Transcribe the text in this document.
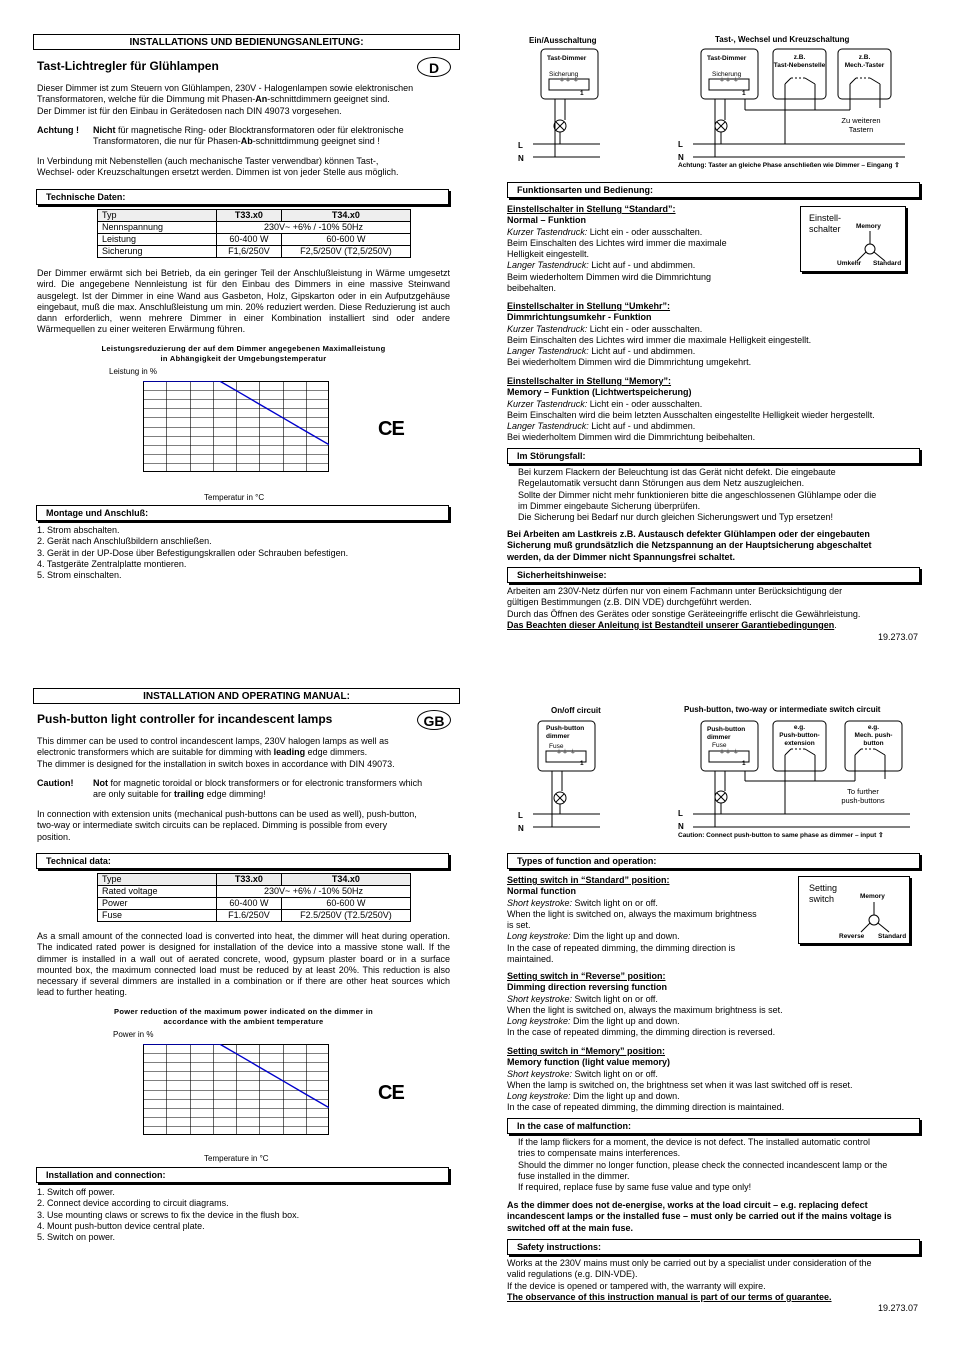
INSTALLATIONS UND BEDIENUNGSANLEITUNG:
Tast-Lichtregler für Glühlampen	D

Dieser Dimmer ist zum Steuern von Glühlampen, 230V - Halogenlampen sowie elektronischen

Transformatoren, welche für die Dimmung mit Phasen-An-schnittdimmern geeignet sind.

Der Dimmer ist für den Einbau in Gerätedosen nach DIN 49073 vorgesehen.

Achtung ! Nicht für magnetische Ring- oder Blocktransformatoren oder für elektronische
Transformatoren, die nur für Phasen-Ab-schnittdimmung geeignet sind !

In Verbindung mit Nebenstellen (auch mechanische Taster verwendbar) können Tast-,

Wechsel- oder Kreuzschaltungen ersetzt werden. Dimmen ist von jeder Stelle aus möglich.

Technische Daten:
Typ	T33.x0	T34.x0
Nennspannung	230V~ +6% / -10% 50Hz	
Leistung	60-400 W	60-600 W
Sicherung	F1,6/250V	F2,5/250V (T2,5/250V)
Der Dimmer erwärmt sich bei Betrieb, da ein geringer Teil der Anschlußleistung in Wärme umgesetzt wird. Die angegebene Nennleistung ist für den Einbau des Dimmers in eine massive Steinwand ausgelegt. Ist der Dimmer in eine Wand aus Gasbeton, Holz, Gipskarton oder in ein Aufputzgehäuse eingebaut, muß die max. Anschlußleistung um min. 20% reduziert werden. Diese Reduzierung ist auch dann erforderlich, wenn mehrere Dimmer in einer Kombination installiert sind oder andere Wärmequellen zu einer weiteren Erwärmung führen.
Leistungsreduzierung der auf dem Dimmer angegebenen Maximalleistung
in Abhängigkeit der Umgebungstemperatur
Leistung in %
Temperatur in °C
CE
Montage und Anschluß:
1. Strom abschalten.
2. Gerät nach Anschlußbildern anschließen.
3. Gerät in der UP-Dose über Befestigungskrallen oder Schrauben befestigen.
4. Tastgeräte Zentralplatte montieren.
5. Strom einschalten.
Ein/Ausschaltung	Tast-, Wechsel und Kreuzschaltung
⏚⏚ ⏚	⏚⏚ ⏚
Tast-Dimmer
Sicherung
1
L
N
Tast-Dimmer
Sicherung
1
z.B.
Tast-Nebenstelle
z.B.
Mech.-Taster
Zu weiteren
Tastern
L
N
Achtung: Taster an gleiche Phase anschließen wie Dimmer – Eingang ⇧
Funktionsarten und Bedienung:
Einstell-
schalter Memory
Umkehr Standard
Einstellschalter in Stellung “Standard”:
Normal – Funktion
Kurzer Tastendruck: Licht ein - oder ausschalten.
Beim Einschalten des Lichtes wird immer die maximale
Helligkeit eingestellt.
Langer Tastendruck: Licht auf - und abdimmen.
Beim wiederholtem Dimmen wird die Dimmrichtung
beibehalten.
Einstellschalter in Stellung “Umkehr”:
Dimmrichtungsumkehr - Funktion
Kurzer Tastendruck: Licht ein - oder ausschalten.
Beim Einschalten des Lichtes wird immer die maximale Helligkeit eingestellt.
Langer Tastendruck: Licht auf - und abdimmen.
Bei wiederholtem Dimmen wird die Dimmrichtung umgekehrt.
Einstellschalter in Stellung “Memory”:
Memory – Funktion (Lichtwertspeicherung)
Kurzer Tastendruck: Licht ein - oder ausschalten.
Beim Einschalten wird die beim letzten Ausschalten eingestellte Helligkeit wieder hergestellt.
Langer Tastendruck: Licht auf - und abdimmen.
Bei wiederholtem Dimmen wird die Dimmrichtung beibehalten.
Im Störungsfall:
Bei kurzem Flackern der Beleuchtung ist das Gerät nicht defekt. Die eingebaute
Regelautomatik versucht dann Störungen aus dem Netz auszugleichen.
Sollte der Dimmer nicht mehr funktionieren bitte die angeschlossenen Glühlampe oder die
im Dimmer eingebaute Sicherung überprüfen.
Die Sicherung bei Bedarf nur durch gleichen Sicherungswert und Typ ersetzen!
Bei Arbeiten am Lastkreis z.B. Austausch defekter Glühlampen oder der eingebauten
Sicherung muß grundsätzlich die Netzspannung an der Hauptsicherung abgeschaltet
werden, da der Dimmer nicht Spannungsfrei schaltet.
Sicherheitshinweise:
Arbeiten am 230V-Netz dürfen nur von einem Fachmann unter Berücksichtigung der
gültigen Bestimmungen (z.B. DIN VDE) durchgeführt werden.
Durch das Öffnen des Gerätes oder sonstige Geräteeingriffe erlischt die Gewährleistung.
Das Beachten dieser Anleitung ist Bestandteil unserer Garantiebedingungen.
19.273.07
INSTALLATION AND OPERATING MANUAL:
Push-button light controller for incandescent lamps	GB

This dimmer can be used to control incandescent lamps, 230V halogen lamps as well as

electronic transformers which are suitable for dimming with leading edge dimmers.

The dimmer is designed for the installation in switch boxes in accordance with DIN 49073.

Caution! Not for magnetic toroidal or block transformers or for electronic transformers which
are only suitable for trailing edge dimming!

In connection with extension units (mechanical push-buttons can be used as well), push-button,

two-way or intermediate switch circuits can be replaced. Dimming is possible from every

position.

Technical data:
Type	T33.x0	T34.x0
Rated voltage	230V~ +6% / -10% 50Hz	
Power	60-400 W	60-600 W
Fuse	F1.6/250V	F2.5/250V (T2.5/250V)
As a small amount of the connected load is converted into heat, the dimmer will heat during operation. The indicated rated power is designed for installation of the device into a massive stone wall. If the dimmer is installed in a wall out of aerated concrete, wood, gypsum plaster board or in a surface mounted box, the maximum connected load must be reduced by at least 20%. This reduction is also necessary if several dimmers are installed in a combination or if there are other heat sources which lead to further heating.
Power reduction of the maximum power indicated on the dimmer in
accordance with the ambient temperature
Power in %
Temperature in °C
CE
Installation and connection:
1. Switch off power.
2. Connect device according to circuit diagrams.
3. Use mounting claws or screws to fix the device in the flush box.
4. Mount push-button device central plate.
5. Switch on power.
On/off circuit	Push-button, two-way or intermediate switch circuit
⏚⏚ ⏚	⏚⏚ ⏚
Push-button
dimmer
Fuse
1
L
N
Push-button
dimmer
Fuse
1
e.g.
Push-button-
extension
e.g.
Mech. push-
button
To further
push-buttons
L
N
Caution: Connect push-button to same phase as dimmer – input ⇧
Types of function and operation:
Setting
switch	Memory
Reverse Standard
Setting switch in “Standard” position:
Normal function
Short keystroke: Switch light on or off.
When the light is switched on, always the maximum brightness
is set.
Long keystroke: Dim the light up and down.
In the case of repeated dimming, the dimming direction is
maintained.
Setting switch in “Reverse” position:
Dimming direction reversing function
Short keystroke: Switch light on or off.
When the light is switched on, always the maximum brightness is set.
Long keystroke: Dim the light up and down.
In the case of repeated dimming, the dimming direction is reversed.
Setting switch in “Memory” position:
Memory function (light value memory)
Short keystroke: Switch light on or off.
When the lamp is switched on, the brightness set when it was last switched off is reset.
Long keystroke: Dim the light up and down.
In the case of repeated dimming, the dimming direction is maintained.
In the case of malfunction:
If the lamp flickers for a moment, the device is not defect. The installed automatic control
tries to compensate mains interferences.
Should the dimmer no longer function, please check the connected incandescent lamp or the
fuse installed in the dimmer.
If required, replace fuse by same fuse value and type only!
As the dimmer does not de-energise, works at the load circuit – e.g. replacing defect
incandescent lamps or the installed fuse – must only be carried out if the mains voltage is
switched off at the main fuse.
Safety instructions:
Works at the 230V mains must only be carried out by a specialist under consideration of the
valid regulations (e.g. DIN-VDE).
If the device is opened or tampered with, the warranty will expire.
The observance of this instruction manual is part of our terms of guarantee.
19.273.07
